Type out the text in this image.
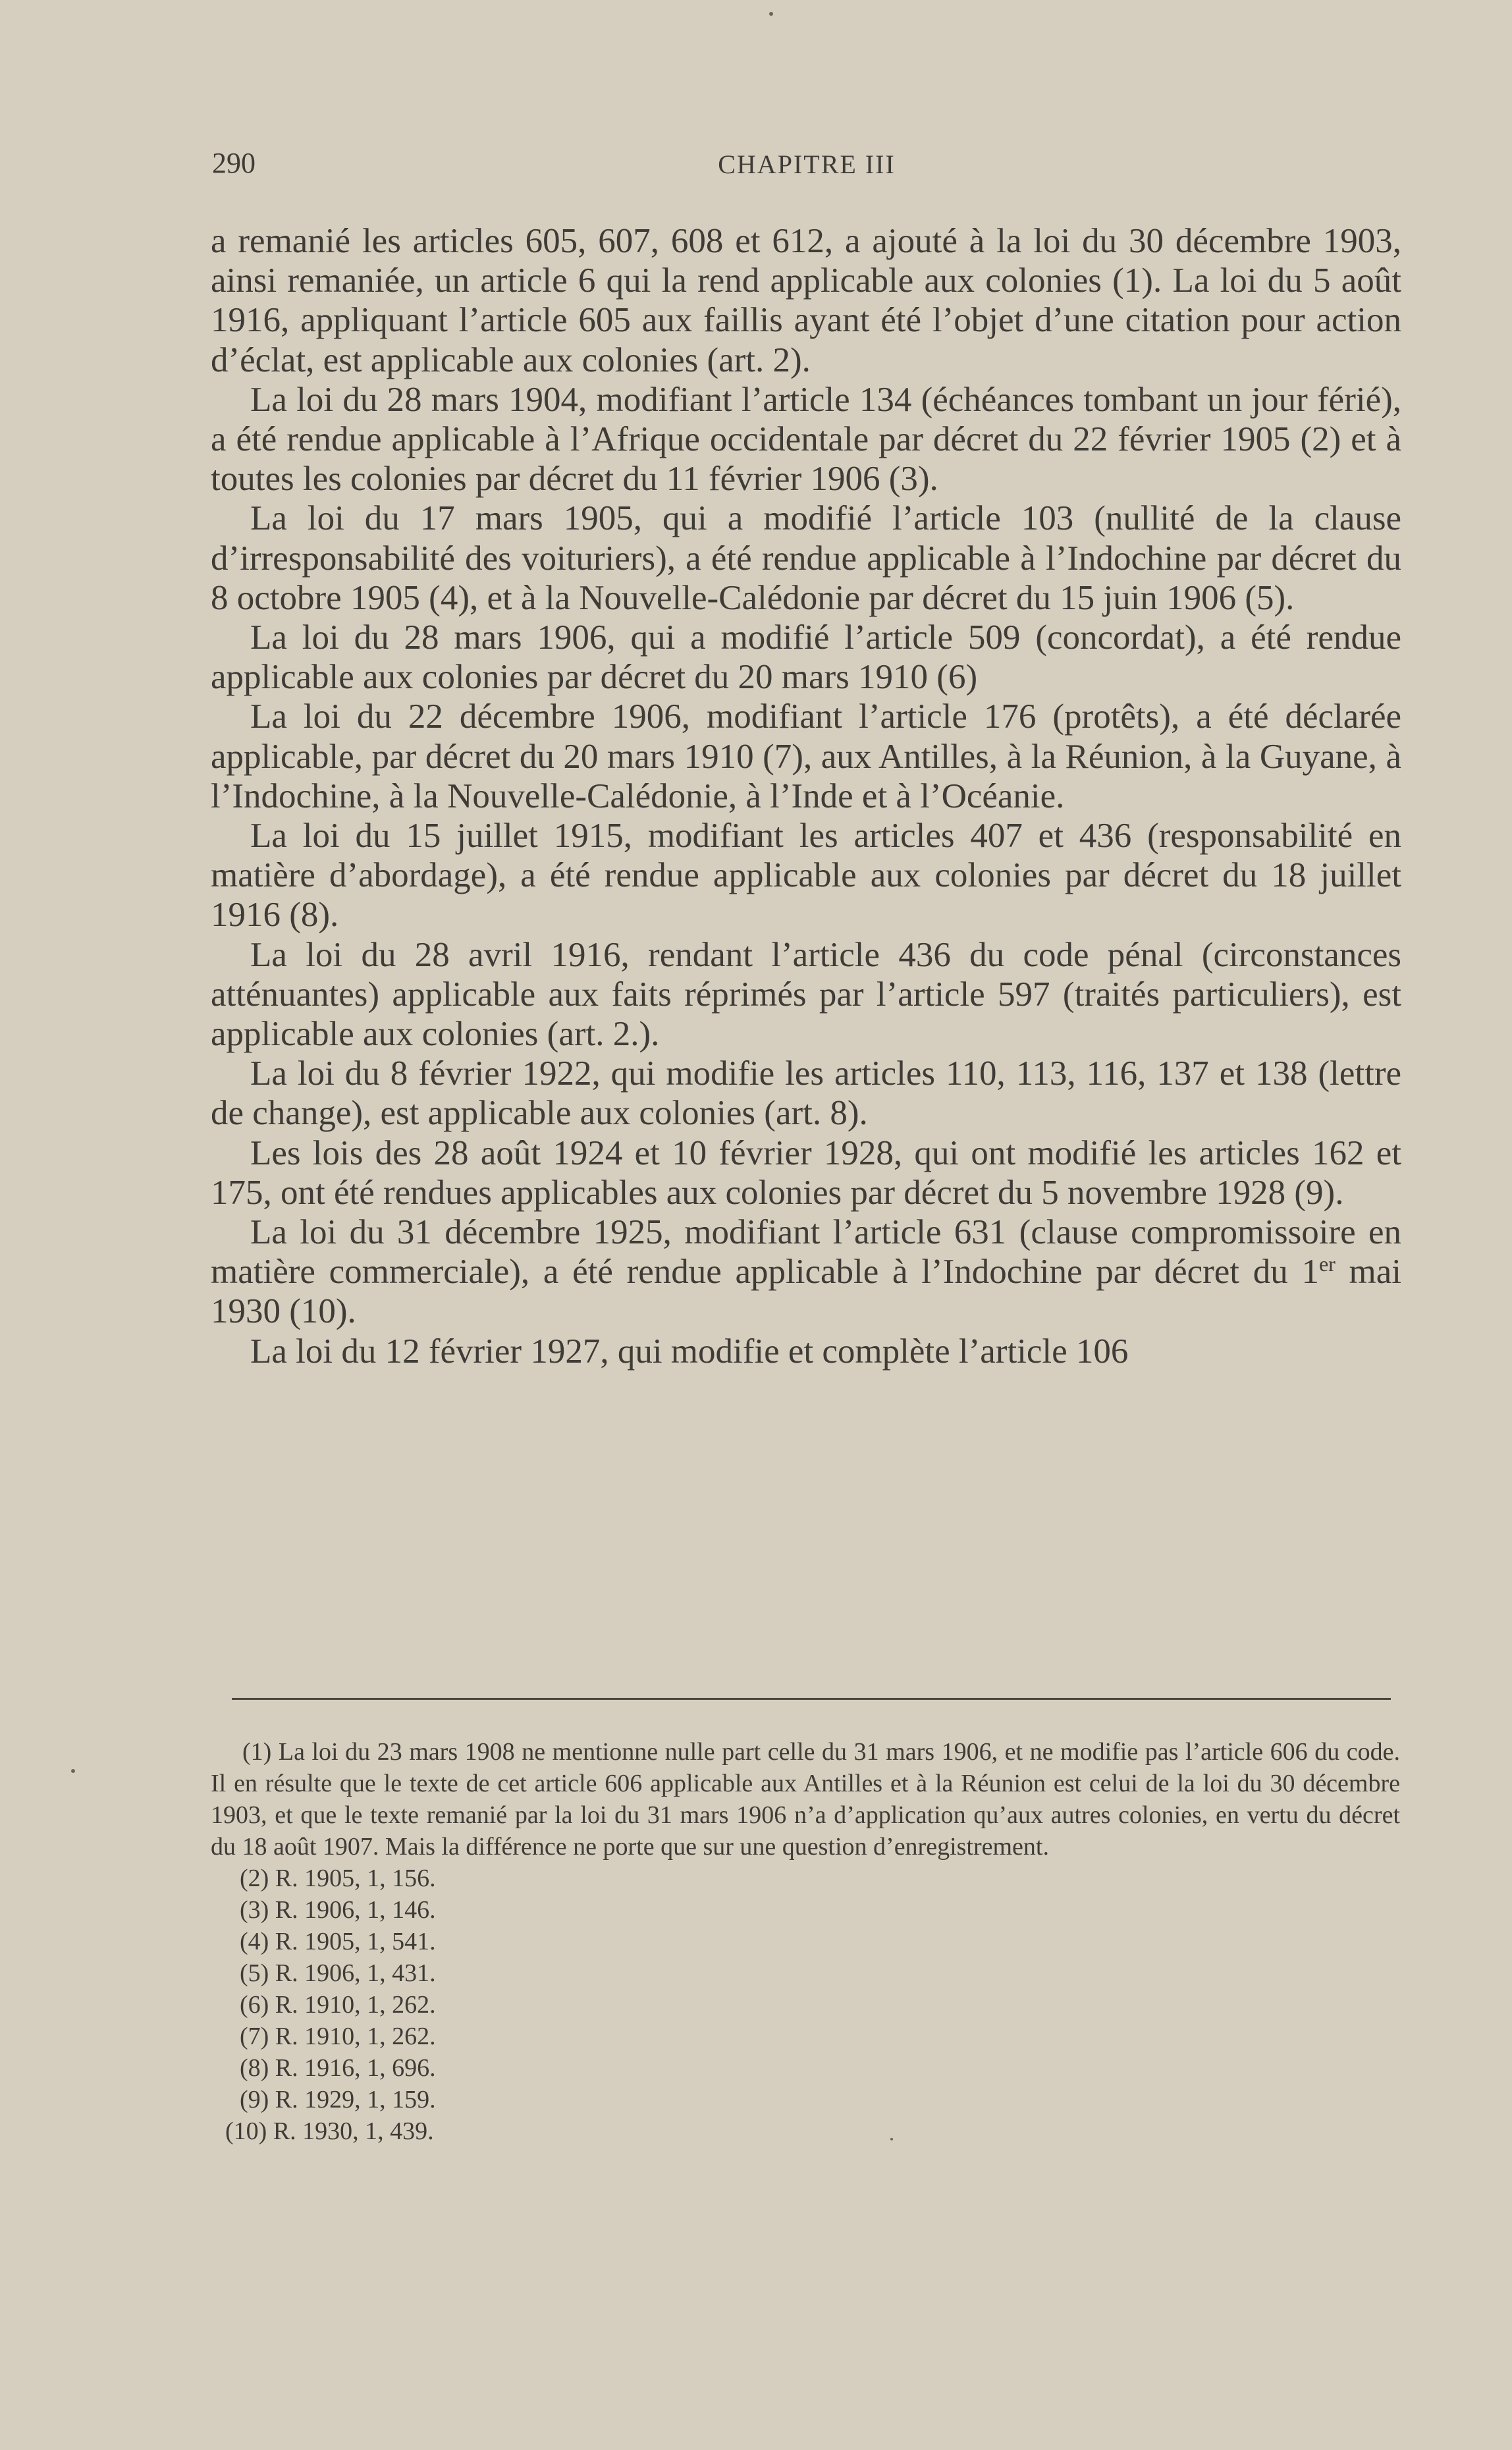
290	CHAPITRE III

a remanié les articles 605, 607, 608 et 612, a ajouté à la loi du 30 décembre 1903, ainsi remaniée, un article 6 qui la rend applicable aux colonies (1). La loi du 5 août 1916, appliquant l’article 605 aux faillis ayant été l’objet d’une citation pour action d’éclat, est applicable aux colonies (art. 2).

La loi du 28 mars 1904, modifiant l’article 134 (échéances tombant un jour férié), a été rendue applicable à l’Afrique occidentale par décret du 22 février 1905 (2) et à toutes les colonies par décret du 11 février 1906 (3).

La loi du 17 mars 1905, qui a modifié l’article 103 (nullité de la clause d’irresponsabilité des voituriers), a été rendue applicable à l’Indochine par décret du 8 octobre 1905 (4), et à la Nouvelle-Calédonie par décret du 15 juin 1906 (5).

La loi du 28 mars 1906, qui a modifié l’article 509 (concordat), a été rendue applicable aux colonies par décret du 20 mars 1910 (6)

La loi du 22 décembre 1906, modifiant l’article 176 (protêts), a été déclarée applicable, par décret du 20 mars 1910 (7), aux Antilles, à la Réunion, à la Guyane, à l’Indochine, à la Nouvelle-Calédonie, à l’Inde et à l’Océanie.

La loi du 15 juillet 1915, modifiant les articles 407 et 436 (responsabilité en matière d’abordage), a été rendue applicable aux colonies par décret du 18 juillet 1916 (8).

La loi du 28 avril 1916, rendant l’article 436 du code pénal (circonstances atténuantes) applicable aux faits réprimés par l’article 597 (traités particuliers), est applicable aux colonies (art. 2.).

La loi du 8 février 1922, qui modifie les articles 110, 113, 116, 137 et 138 (lettre de change), est applicable aux colonies (art. 8).

Les lois des 28 août 1924 et 10 février 1928, qui ont modifié les articles 162 et 175, ont été rendues applicables aux colonies par décret du 5 novembre 1928 (9).

La loi du 31 décembre 1925, modifiant l’article 631 (clause compromissoire en matière commerciale), a été rendue applicable à l’Indochine par décret du 1er mai 1930 (10).

La loi du 12 février 1927, qui modifie et complète l’article 106

(1) La loi du 23 mars 1908 ne mentionne nulle part celle du 31 mars 1906, et ne modifie pas l’article 606 du code. Il en résulte que le texte de cet article 606 applicable aux Antilles et à la Réunion est celui de la loi du 30 décembre 1903, et que le texte remanié par la loi du 31 mars 1906 n’a d’application qu’aux autres colonies, en vertu du décret du 18 août 1907. Mais la différence ne porte que sur une question d’enregistrement.

(2) R. 1905, 1, 156.

(3) R. 1906, 1, 146.

(4) R. 1905, 1, 541.

(5) R. 1906, 1, 431.

(6) R. 1910, 1, 262.

(7) R. 1910, 1, 262.

(8) R. 1916, 1, 696.

(9) R. 1929, 1, 159.

(10) R. 1930, 1, 439.
